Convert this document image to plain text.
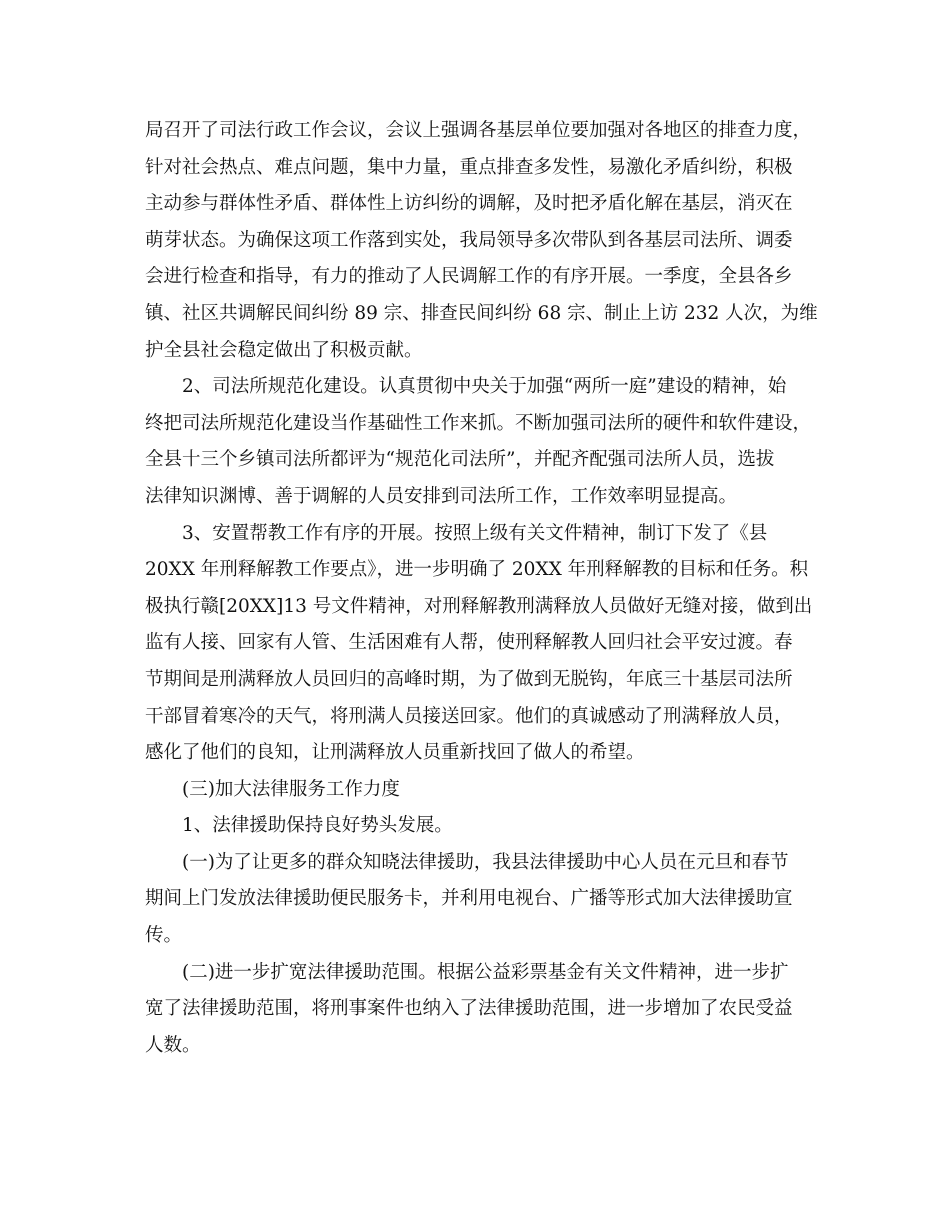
局召开了司法行政工作会议，会议上强调各基层单位要加强对各地区的排查力度，
针对社会热点、难点问题，集中力量，重点排查多发性，易激化矛盾纠纷，积极
主动参与群体性矛盾、群体性上访纠纷的调解，及时把矛盾化解在基层，消灭在
萌芽状态。为确保这项工作落到实处，我局领导多次带队到各基层司法所、调委
会进行检查和指导，有力的推动了人民调解工作的有序开展。一季度，全县各乡
镇、社区共调解民间纠纷 89 宗、排查民间纠纷 68 宗、制止上访 232 人次，为维
护全县社会稳定做出了积极贡献。
　　2、司法所规范化建设。认真贯彻中央关于加强“两所一庭”建设的精神，始
终把司法所规范化建设当作基础性工作来抓。不断加强司法所的硬件和软件建设，
全县十三个乡镇司法所都评为“规范化司法所”，并配齐配强司法所人员，选拔
法律知识渊博、善于调解的人员安排到司法所工作，工作效率明显提高。
　　3、安置帮教工作有序的开展。按照上级有关文件精神，制订下发了《县
20XX 年刑释解教工作要点》，进一步明确了 20XX 年刑释解教的目标和任务。积
极执行赣[20XX]13 号文件精神，对刑释解教刑满释放人员做好无缝对接，做到出
监有人接、回家有人管、生活困难有人帮，使刑释解教人回归社会平安过渡。春
节期间是刑满释放人员回归的高峰时期，为了做到无脱钩，年底三十基层司法所
干部冒着寒冷的天气，将刑满人员接送回家。他们的真诚感动了刑满释放人员，
感化了他们的良知，让刑满释放人员重新找回了做人的希望。
　　(三)加大法律服务工作力度
　　1、法律援助保持良好势头发展。
　　(一)为了让更多的群众知晓法律援助，我县法律援助中心人员在元旦和春节
期间上门发放法律援助便民服务卡，并利用电视台、广播等形式加大法律援助宣
传。
　　(二)进一步扩宽法律援助范围。根据公益彩票基金有关文件精神，进一步扩
宽了法律援助范围，将刑事案件也纳入了法律援助范围，进一步增加了农民受益
人数。
